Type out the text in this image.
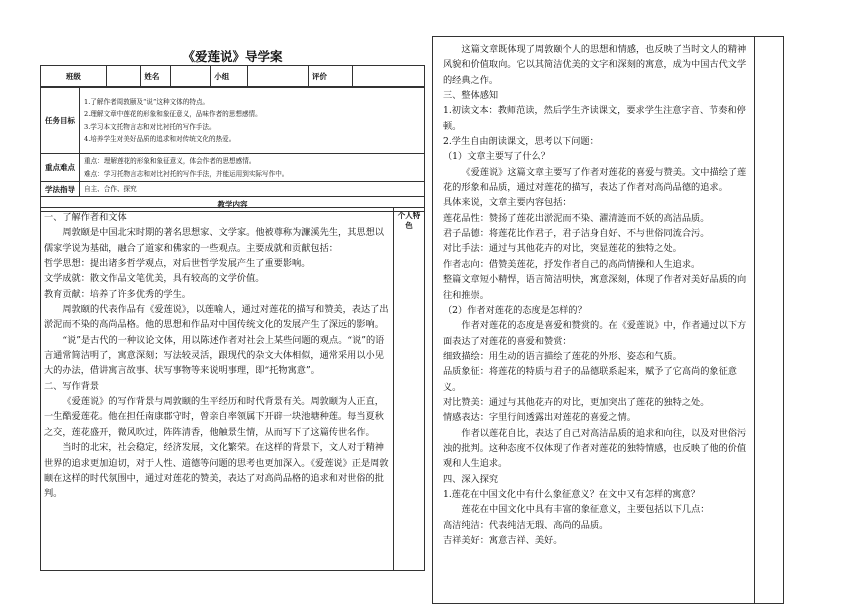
《爱莲说》导学案
班级		姓名		小组		评价	
任务目标	1.了解作者周敦颐及“说”这种文体的特点。
2.理解文章中莲花的形象和象征意义，品味作者的思想感情。
3.学习本文托物言志和对比衬托的写作手法。
4.培养学生对美好品质的追求和对传统文化的热爱。

重点难点	重点：理解莲花的形象和象征意义，体会作者的思想感情。
难点：学习托物言志和对比衬托的写作手法，并能运用到实际写作中。

学法指导	自主、合作、探究
教学内容	

一、了解作者和文体

周敦颐是中国北宋时期的著名思想家、文学家。他被尊称为濂溪先生，其思想以儒家学说为基础，融合了道家和佛家的一些观点。主要成就和贡献包括：

哲学思想：提出诸多哲学观点，对后世哲学发展产生了重要影响。

文学成就：散文作品文笔优美，具有较高的文学价值。

教育贡献：培养了许多优秀的学生。

周敦颐的代表作品有《爱莲说》，以莲喻人，通过对莲花的描写和赞美，表达了出淤泥而不染的高尚品格。他的思想和作品对中国传统文化的发展产生了深远的影响。

“说”是古代的一种议论文体，用以陈述作者对社会上某些问题的观点。“说”的语言通常简洁明了，寓意深刻；写法较灵活，跟现代的杂文大体相似，通常采用以小见大的办法，借讲寓言故事、状写事物等来说明事理，即“托物寓意”。

二、写作背景

《爱莲说》的写作背景与周敦颐的生平经历和时代背景有关。周敦颐为人正直，一生酷爱莲花。他在担任南康郡守时，曾亲自率领属下开辟一块池塘种莲。每当夏秋之交，莲花盛开，微风吹过，阵阵清香，他触景生情，从而写下了这篇传世名作。

当时的北宋，社会稳定，经济发展，文化繁荣。在这样的背景下，文人对于精神世界的追求更加迫切，对于人性、道德等问题的思考也更加深入。《爱莲说》正是周敦颐在这样的时代氛围中，通过对莲花的赞美，表达了对高尚品格的追求和对世俗的批判。

个人特色

这篇文章既体现了周敦颐个人的思想和情感，也反映了当时文人的精神风貌和价值取向。它以其简洁优美的文字和深刻的寓意，成为中国古代文学的经典之作。

三、整体感知

1.初读文本：教师范读，然后学生齐读课文，要求学生注意字音、节奏和停顿。

2.学生自由朗读课文，思考以下问题：

（1）文章主要写了什么？

《爱莲说》这篇文章主要写了作者对莲花的喜爱与赞美。文中描绘了莲花的形象和品质，通过对莲花的描写，表达了作者对高尚品德的追求。

具体来说，文章主要内容包括：

莲花品性：赞扬了莲花出淤泥而不染、濯清涟而不妖的高洁品质。

君子品德：将莲花比作君子，君子洁身自好、不与世俗同流合污。

对比手法：通过与其他花卉的对比，突显莲花的独特之处。

作者志向：借赞美莲花，抒发作者自己的高尚情操和人生追求。

整篇文章短小精悍，语言简洁明快，寓意深刻，体现了作者对美好品质的向往和推崇。

（2）作者对莲花的态度是怎样的？

作者对莲花的态度是喜爱和赞赏的。在《爱莲说》中，作者通过以下方面表达了对莲花的喜爱和赞赏：

细致描绘：用生动的语言描绘了莲花的外形、姿态和气质。

品质象征：将莲花的特质与君子的品德联系起来，赋予了它高尚的象征意义。

对比赞美：通过与其他花卉的对比，更加突出了莲花的独特之处。

情感表达：字里行间透露出对莲花的喜爱之情。

作者以莲花自比，表达了自己对高洁品质的追求和向往，以及对世俗污浊的批判。这种态度不仅体现了作者对莲花的独特情感，也反映了他的价值观和人生追求。

四、深入探究

1.莲花在中国文化中有什么象征意义？在文中又有怎样的寓意？

莲花在中国文化中具有丰富的象征意义，主要包括以下几点：

高洁纯洁：代表纯洁无瑕、高尚的品质。

吉祥美好：寓意吉祥、美好。
